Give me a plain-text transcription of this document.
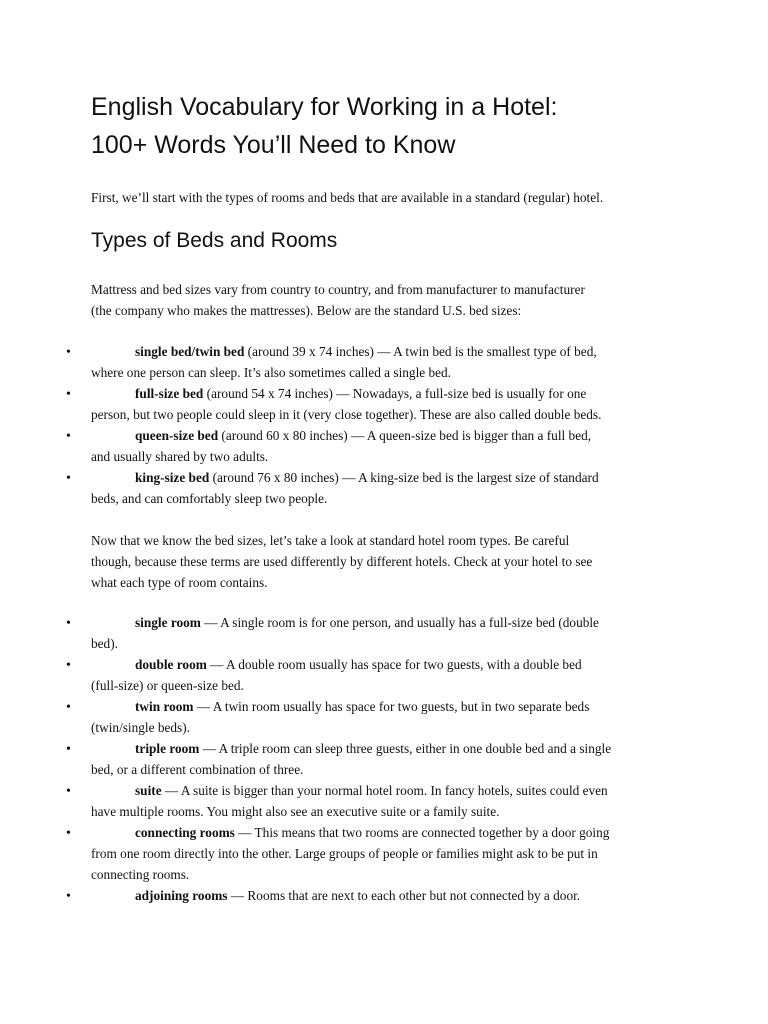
English Vocabulary for Working in a Hotel:
100+ Words You’ll Need to Know

First, we’ll start with the types of rooms and beds that are available in a standard (regular) hotel.

Types of Beds and Rooms

Mattress and bed sizes vary from country to country, and from manufacturer to manufacturer
(the company who makes the mattresses). Below are the standard U.S. bed sizes:

•	single bed/twin bed (around 39 x 74 inches) — A twin bed is the smallest type of bed,
where one person can sleep. It’s also sometimes called a single bed.
•	full-size bed (around 54 x 74 inches) — Nowadays, a full-size bed is usually for one
person, but two people could sleep in it (very close together). These are also called double beds.
•	queen-size bed (around 60 x 80 inches) — A queen-size bed is bigger than a full bed,
and usually shared by two adults.
•	king-size bed (around 76 x 80 inches) — A king-size bed is the largest size of standard
beds, and can comfortably sleep two people.

Now that we know the bed sizes, let’s take a look at standard hotel room types. Be careful
though, because these terms are used differently by different hotels. Check at your hotel to see
what each type of room contains.

•	single room — A single room is for one person, and usually has a full-size bed (double
bed).
•	double room — A double room usually has space for two guests, with a double bed
(full-size) or queen-size bed.
•	twin room — A twin room usually has space for two guests, but in two separate beds
(twin/single beds).
•	triple room — A triple room can sleep three guests, either in one double bed and a single
bed, or a different combination of three.
•	suite — A suite is bigger than your normal hotel room. In fancy hotels, suites could even
have multiple rooms. You might also see an executive suite or a family suite.
•	connecting rooms — This means that two rooms are connected together by a door going
from one room directly into the other. Large groups of people or families might ask to be put in
connecting rooms.
•	adjoining rooms — Rooms that are next to each other but not connected by a door.
